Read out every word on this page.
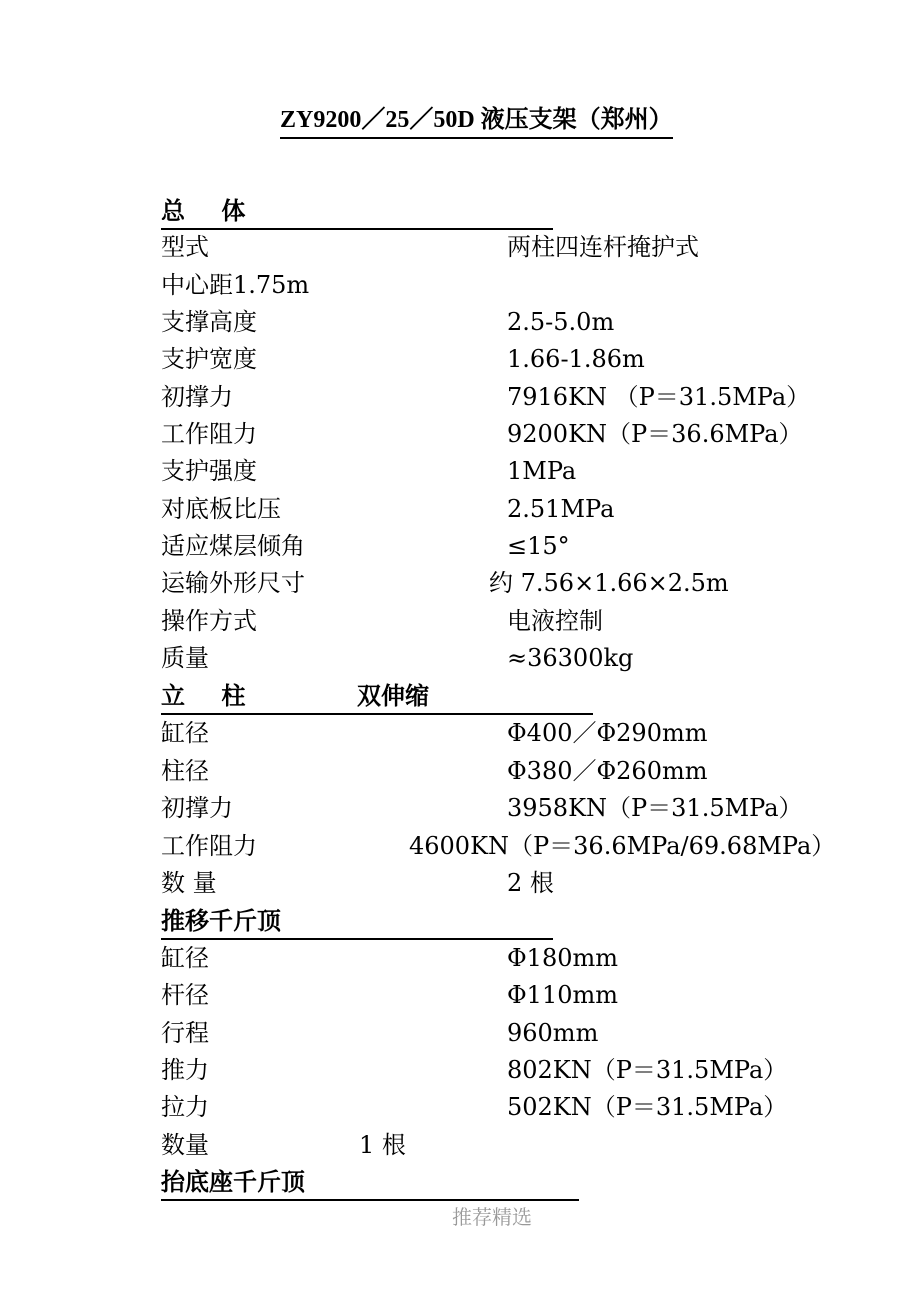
ZY9200／25／50D 液压支架（郑州）
总 体
型式	两柱四连杆掩护式
中心距1.75m
支撑高度	2.5-5.0m
支护宽度	1.66-1.86m
初撑力	7916KN （P＝31.5MPa）
工作阻力	9200KN（P＝36.6MPa）
支护强度	1MPa
对底板比压	2.51MPa
适应煤层倾角	≤15°
运输外形尺寸	约 7.56×1.66×2.5m
操作方式	电液控制
质量	≈36300kg
立 柱	双伸缩
缸径	Φ400／Φ290mm
柱径	Φ380／Φ260mm
初撑力	3958KN（P＝31.5MPa）
工作阻力	4600KN（P＝36.6MPa/69.68MPa）
数 量	2 根
推移千斤顶
缸径	Φ180mm
杆径	Φ110mm
行程	960mm
推力	802KN（P＝31.5MPa）
拉力	502KN（P＝31.5MPa）
数量	1 根
抬底座千斤顶
推荐精选
